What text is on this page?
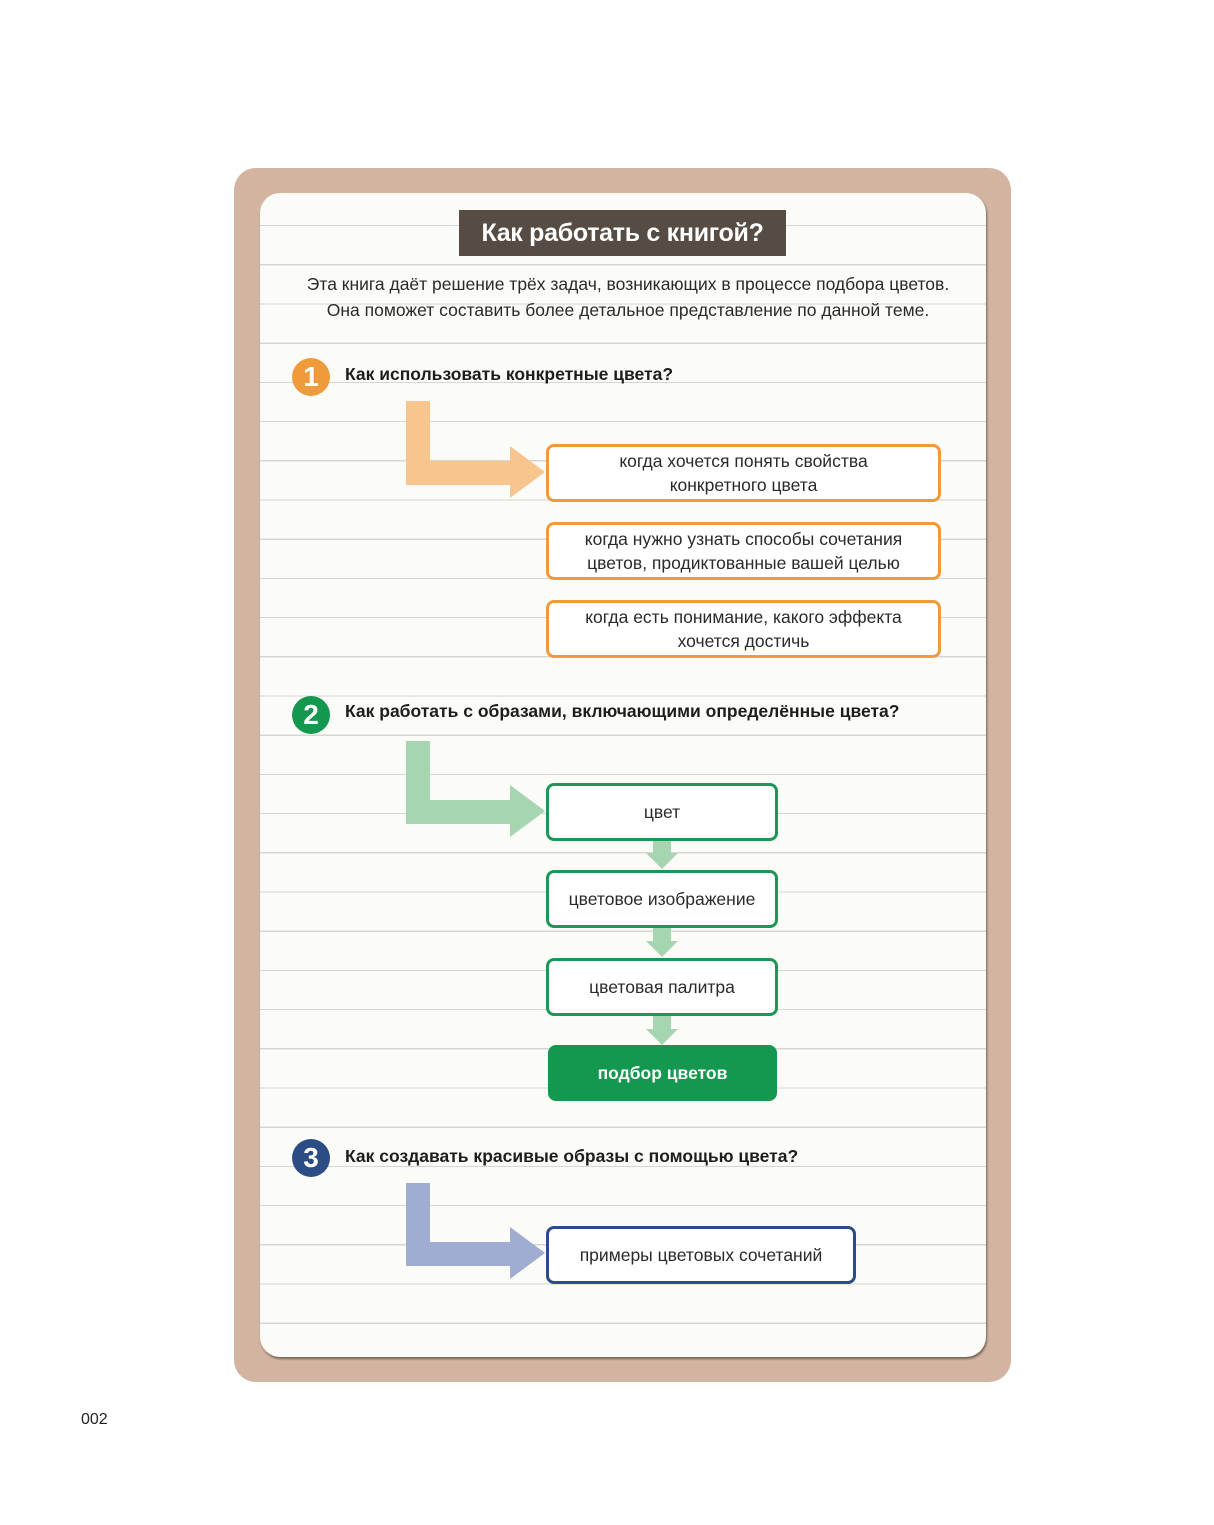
Как работать с книгой?
Эта книга даёт решение трёх задач, возникающих в процессе подбора цветов.
Она поможет составить более детальное представление по данной теме.
1	Как использовать конкретные цвета?
когда хочется понять свойства
конкретного цвета
когда нужно узнать способы сочетания
цветов, продиктованные вашей целью
когда есть понимание, какого эффекта
хочется достичь
2	Как работать с образами, включающими определённые цвета?
цвет
цветовое изображение
цветовая палитра
подбор цветов
3	Как создавать красивые образы с помощью цвета?
примеры цветовых сочетаний
002
